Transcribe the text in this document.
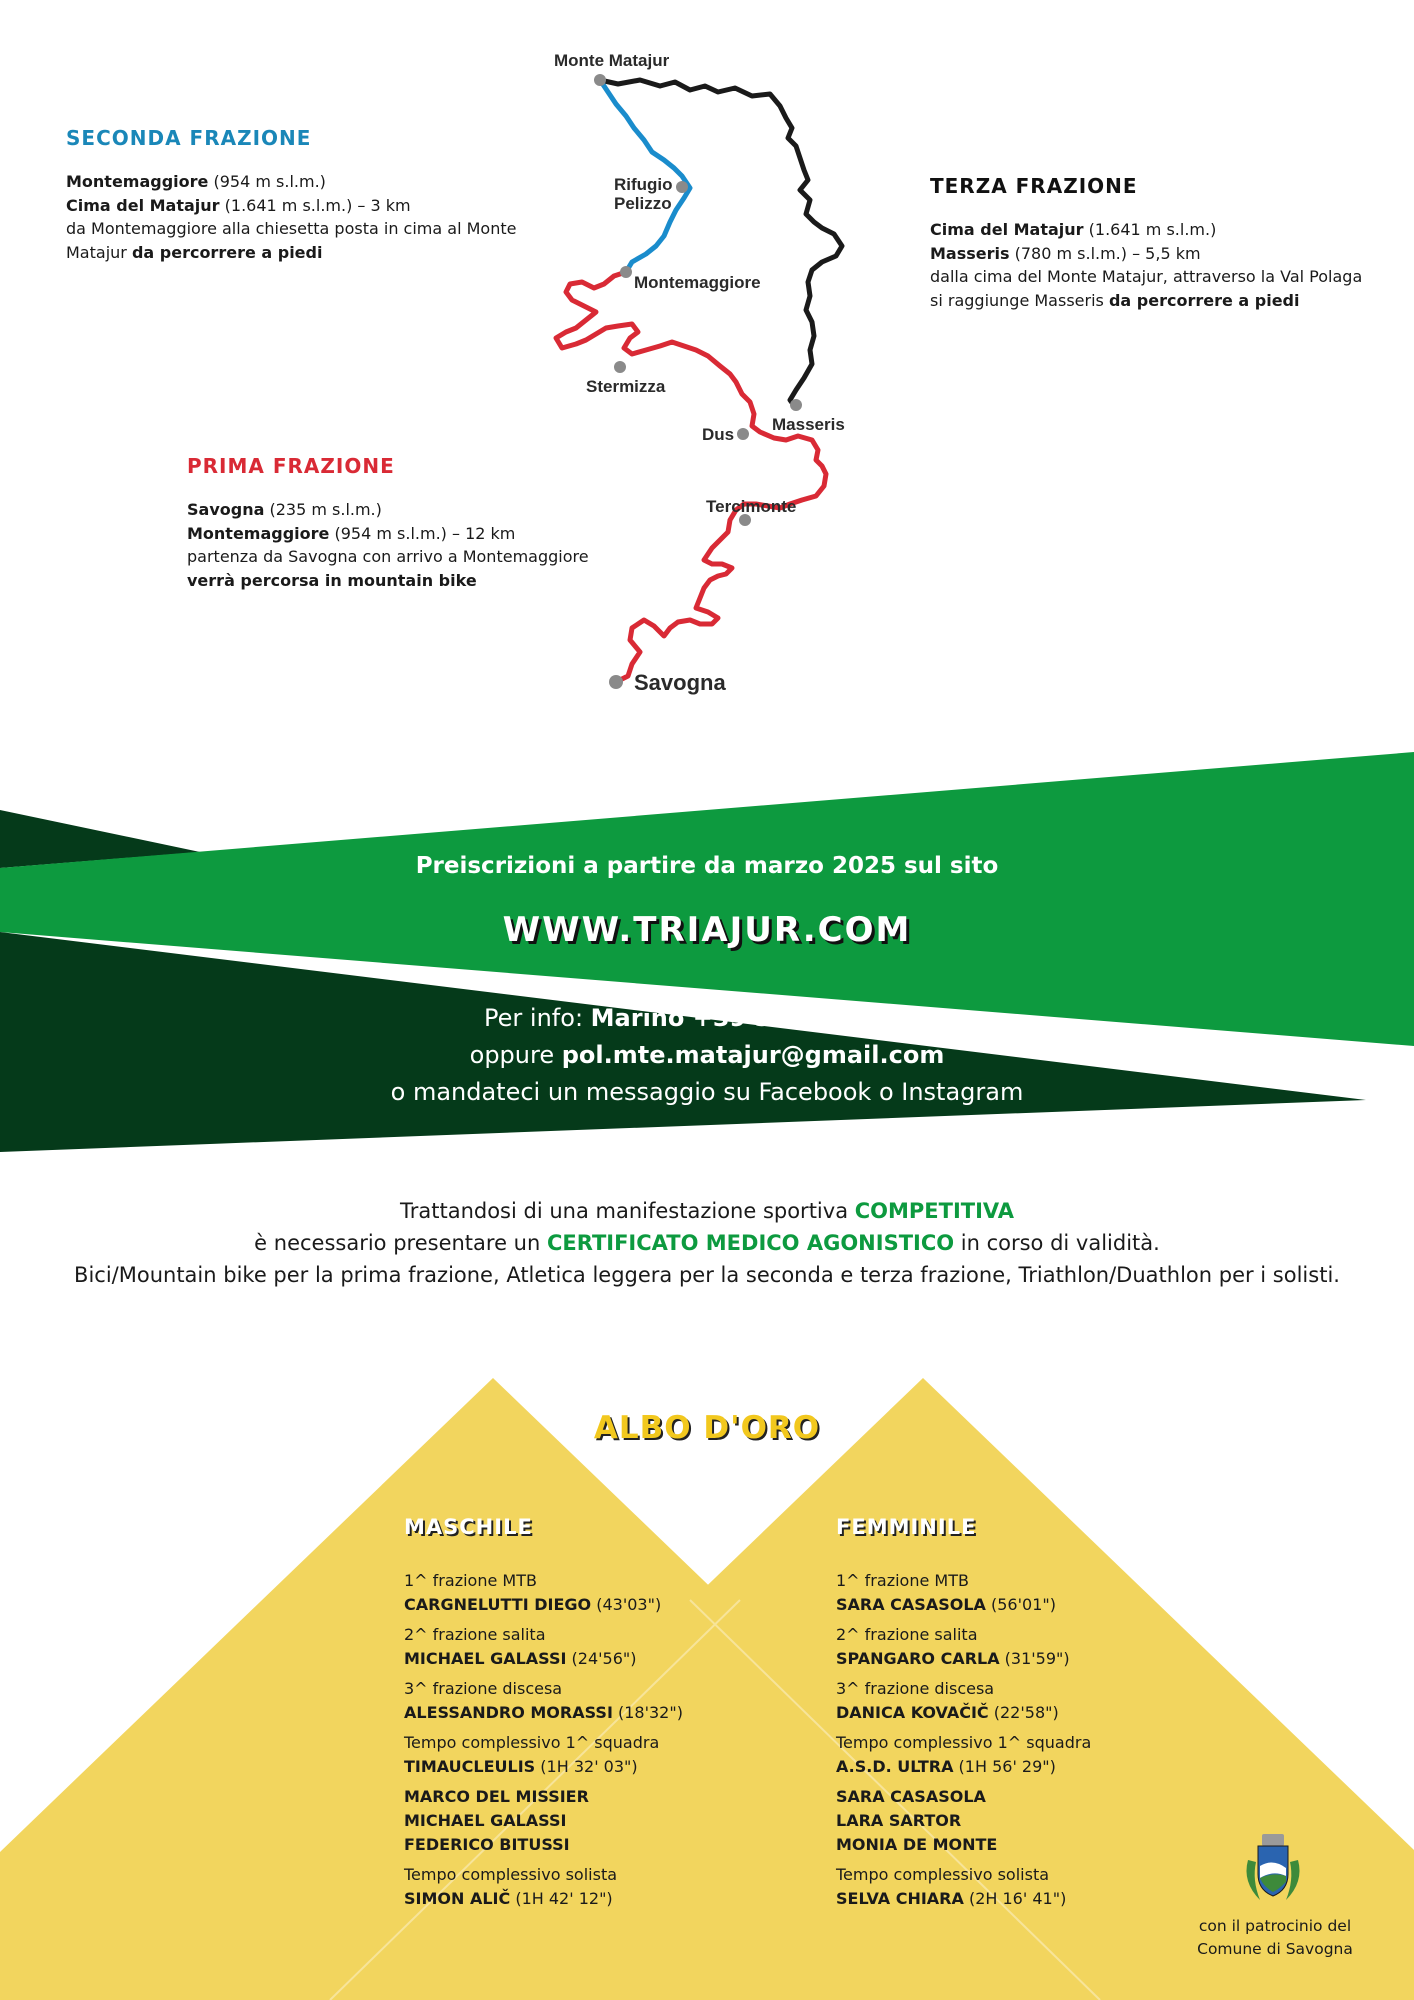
SECONDA FRAZIONE
Montemaggiore (954 m s.l.m.)
Cima del Matajur (1.641 m s.l.m.) – 3 km
da Montemaggiore alla chiesetta posta in cima al Monte
Matajur da percorrere a piedi
TERZA FRAZIONE
Cima del Matajur (1.641 m s.l.m.)
Masseris (780 m s.l.m.) – 5,5 km
dalla cima del Monte Matajur, attraverso la Val Polaga
si raggiunge Masseris da percorrere a piedi
PRIMA FRAZIONE
Savogna (235 m s.l.m.)
Montemaggiore (954 m s.l.m.) – 12 km
partenza da Savogna con arrivo a Montemaggiore
verrà percorsa in mountain bike
Monte Matajur
Rifugio
Pelizzo
Montemaggiore
Stermizza
Dus
Masseris
Tercimonte
Savogna
Preiscrizioni a partire da marzo 2025 sul sito
WWW.TRIAJUR.COM
Per info: Marino +39 338 5877265
oppure pol.mte.matajur@gmail.com
o mandateci un messaggio su Facebook o Instagram
Trattandosi di una manifestazione sportiva COMPETITIVA
è necessario presentare un CERTIFICATO MEDICO AGONISTICO in corso di validità.
Bici/Mountain bike per la prima frazione, Atletica leggera per la seconda e terza frazione, Triathlon/Duathlon per i solisti.
ALBO D'ORO
MASCHILE
1^ frazione MTB
CARGNELUTTI DIEGO (43'03")
2^ frazione salita
MICHAEL GALASSI (24'56")
3^ frazione discesa
ALESSANDRO MORASSI (18'32")
Tempo complessivo 1^ squadra
TIMAUCLEULIS (1H 32' 03")
MARCO DEL MISSIER
MICHAEL GALASSI
FEDERICO BITUSSI
Tempo complessivo solista
SIMON ALIČ (1H 42' 12")
FEMMINILE
1^ frazione MTB
SARA CASASOLA (56'01")
2^ frazione salita
SPANGARO CARLA (31'59")
3^ frazione discesa
DANICA KOVAČIČ (22'58")
Tempo complessivo 1^ squadra
A.S.D. ULTRA (1H 56' 29")
SARA CASASOLA
LARA SARTOR
MONIA DE MONTE
Tempo complessivo solista
SELVA CHIARA (2H 16' 41")
con il patrocinio del
Comune di Savogna
